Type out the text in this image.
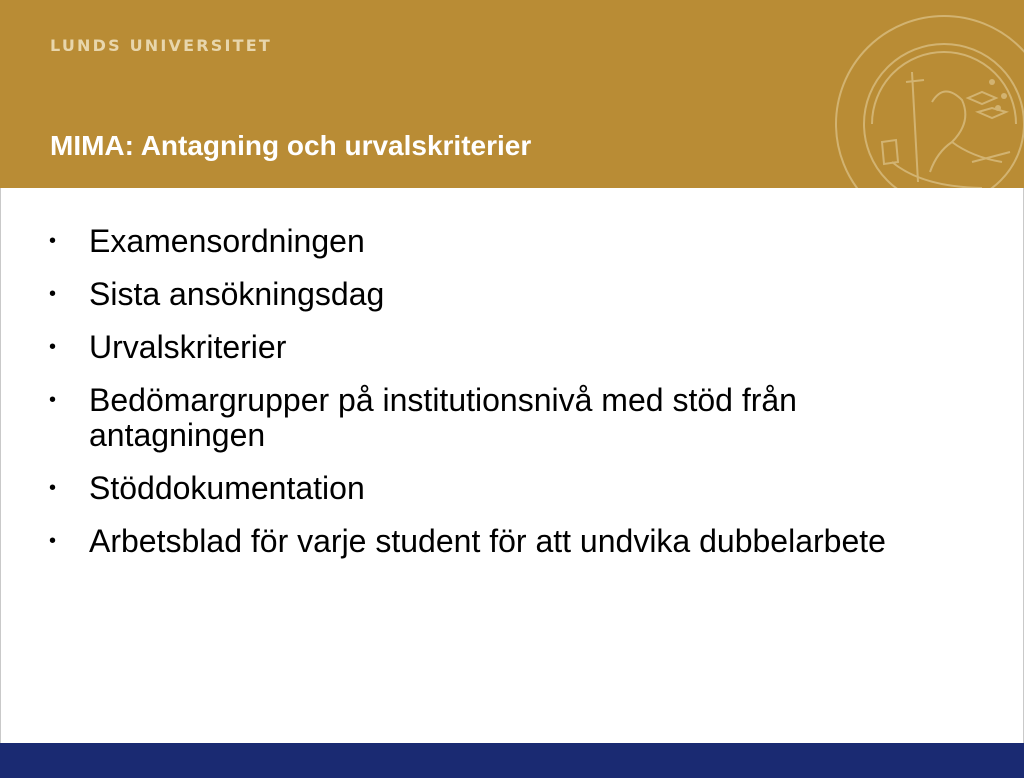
LUNDS UNIVERSITET
MIMA: Antagning och urvalskriterier
•	Examensordningen
•	Sista ansökningsdag
•	Urvalskriterier
•	Bedömargrupper på institutionsnivå med stöd från antagningen
•	Stöddokumentation
•	Arbetsblad för varje student för att undvika dubbelarbete
